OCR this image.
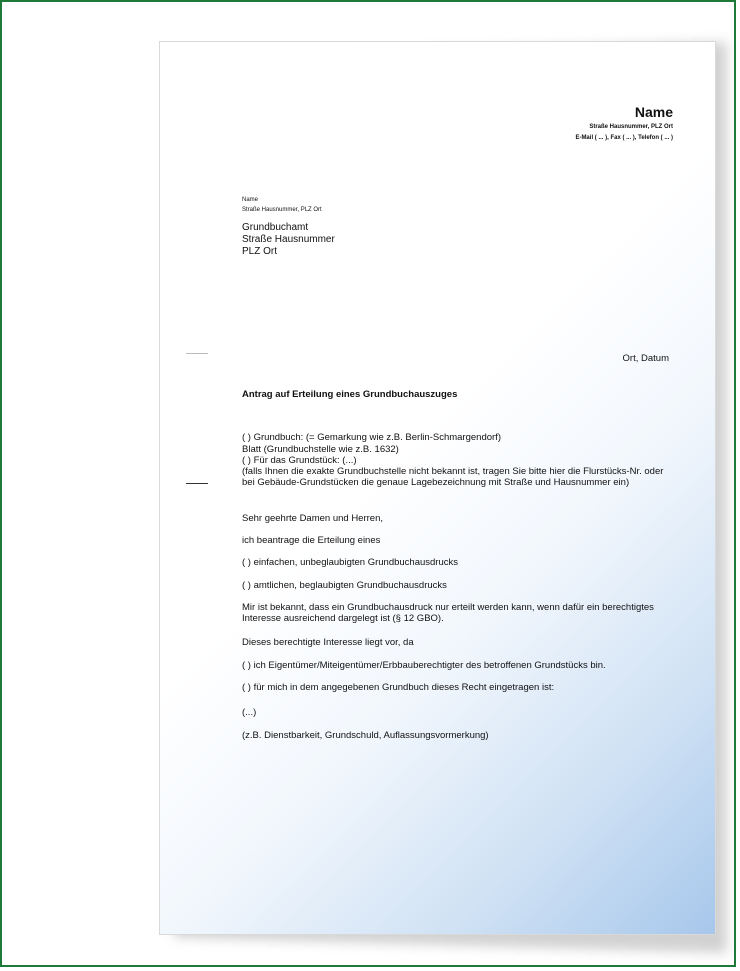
Name
Straße Hausnummer, PLZ Ort
E-Mail ( ... ), Fax ( ... ), Telefon ( ... )
Name
Straße Hausnummer, PLZ Ort
Grundbuchamt
Straße Hausnummer
PLZ Ort
Ort, Datum
Antrag auf Erteilung eines Grundbuchauszuges
( ) Grundbuch: (= Gemarkung wie z.B. Berlin-Schmargendorf)
Blatt (Grundbuchstelle wie z.B. 1632)
( ) Für das Grundstück: (...)
(falls Ihnen die exakte Grundbuchstelle nicht bekannt ist, tragen Sie bitte hier die Flurstücks-Nr. oder
bei Gebäude-Grundstücken die genaue Lagebezeichnung mit Straße und Hausnummer ein)
Sehr geehrte Damen und Herren,
ich beantrage die Erteilung eines
( ) einfachen, unbeglaubigten Grundbuchausdrucks
( ) amtlichen, beglaubigten Grundbuchausdrucks
Mir ist bekannt, dass ein Grundbuchausdruck nur erteilt werden kann, wenn dafür ein berechtigtes
Interesse ausreichend dargelegt ist (§ 12 GBO).
Dieses berechtigte Interesse liegt vor, da
( ) ich Eigentümer/Miteigentümer/Erbbauberechtigter des betroffenen Grundstücks bin.
( ) für mich in dem angegebenen Grundbuch dieses Recht eingetragen ist:
(...)
(z.B. Dienstbarkeit, Grundschuld, Auflassungsvormerkung)
